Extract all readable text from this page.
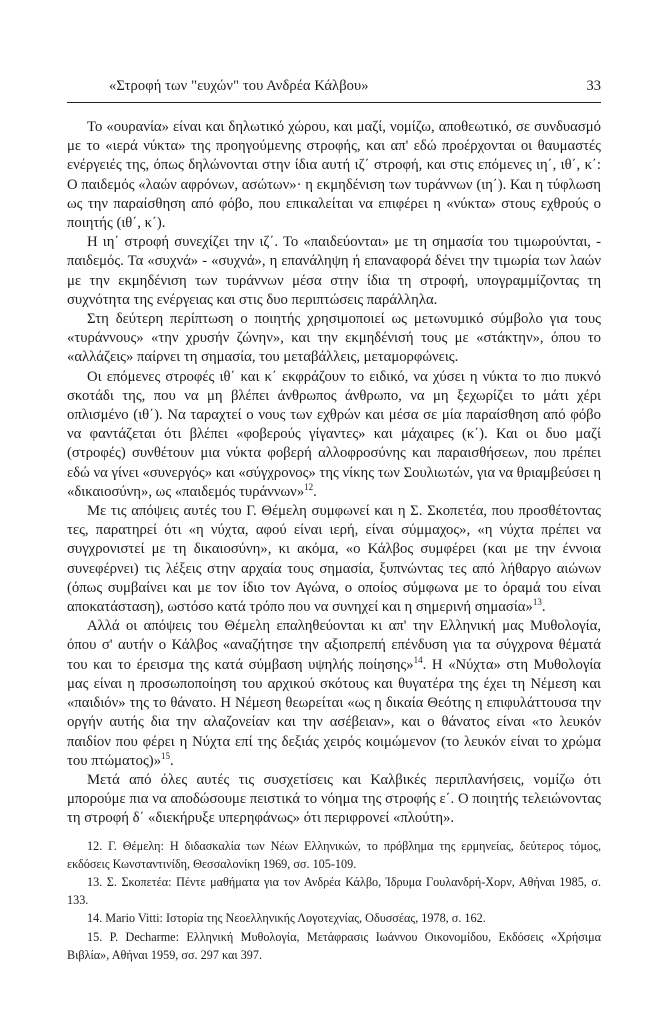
«Στροφή των "ευχών" του Ανδρέα Κάλβου»	33

Το «ουρανία» είναι και δηλωτικό χώρου, και μαζί, νομίζω, αποθεωτικό, σε συνδυασμό με το «ιερά νύκτα» της προηγούμενης στροφής, και απ' εδώ προέρχονται οι θαυμαστές ενέργειές της, όπως δηλώνονται στην ίδια αυτή ιζ΄ στροφή, και στις επόμενες ιη΄, ιθ΄, κ΄: Ο παιδεμός «λαών αφρόνων, ασώτων»· η εκμηδένιση των τυράννων (ιη΄). Και η τύφλωση ως την παραίσθηση από φόβο, που επικαλείται να επιφέρει η «νύκτα» στους εχθρούς ο ποιητής (ιθ΄, κ΄).

Η ιη΄ στροφή συνεχίζει την ιζ΄. Το «παιδεύονται» με τη σημασία του τιμωρούνται, - παιδεμός. Τα «συχνά» - «συχνά», η επανάληψη ή επαναφορά δένει την τιμωρία των λαών με την εκμηδένιση των τυράννων μέσα στην ίδια τη στροφή, υπογραμμίζοντας τη συχνότητα της ενέργειας και στις δυο περιπτώσεις παράλληλα.

Στη δεύτερη περίπτωση ο ποιητής χρησιμοποιεί ως μετωνυμικό σύμβολο για τους «τυράννους» «την χρυσήν ζώνην», και την εκμηδένισή τους με «στάκτην», όπου το «αλλάζεις» παίρνει τη σημασία, του μεταβάλλεις, μεταμορφώνεις.

Οι επόμενες στροφές ιθ΄ και κ΄ εκφράζουν το ειδικό, να χύσει η νύκτα το πιο πυκνό σκοτάδι της, που να μη βλέπει άνθρωπος άνθρωπο, να μη ξεχωρίζει το μάτι χέρι οπλισμένο (ιθ΄). Να ταραχτεί ο νους των εχθρών και μέσα σε μία παραίσθηση από φόβο να φαντάζεται ότι βλέπει «φοβερούς γίγαντες» και μάχαιρες (κ΄). Και οι δυο μαζί (στροφές) συνθέτουν μια νύκτα φοβερή αλλοφροσύνης και παραισθήσεων, που πρέπει εδώ να γίνει «συνεργός» και «σύγχρονος» της νίκης των Σουλιωτών, για να θριαμβεύσει η «δικαιοσύνη», ως «παιδεμός τυράννων»$^{12}$.

Με τις απόψεις αυτές του Γ. Θέμελη συμφωνεί και η Σ. Σκοπετέα, που προσθέτοντας τες, παρατηρεί ότι «η νύχτα, αφού είναι ιερή, είναι σύμμαχος», «η νύχτα πρέπει να συγχρονιστεί με τη δικαιοσύνη», κι ακόμα, «ο Κάλβος συμφέρει (και με την έννοια συνεφέρνει) τις λέξεις στην αρχαία τους σημασία, ξυπνώντας τες από λήθαργο αιώνων (όπως συμβαίνει και με τον ίδιο τον Αγώνα, ο οποίος σύμφωνα με το όραμά του είναι αποκατάσταση), ωστόσο κατά τρόπο που να συνηχεί και η σημερινή σημασία»$^{13}$.

Αλλά οι απόψεις του Θέμελη επαληθεύονται κι απ' την Ελληνική μας Μυθολογία, όπου σ' αυτήν ο Κάλβος «αναζήτησε την αξιοπρεπή επένδυση για τα σύγχρονα θέματά του και το έρεισμα της κατά σύμβαση υψηλής ποίησης»$^{14}$. Η «Νύχτα» στη Μυθολογία μας είναι η προσωποποίηση του αρχικού σκότους και θυγατέρα της έχει τη Νέμεση και «παιδιόν» της το θάνατο. Η Νέμεση θεωρείται «ως η δικαία Θεότης η επιφυλάττουσα την οργήν αυτής δια την αλαζονείαν και την ασέβειαν», και ο θάνατος είναι «το λευκόν παιδίον που φέρει η Νύχτα επί της δεξιάς χειρός κοιμώμενον (το λευκόν είναι το χρώμα του πτώματος)»$^{15}$.

Μετά από όλες αυτές τις συσχετίσεις και Καλβικές περιπλανήσεις, νομίζω ότι μπορούμε πια να αποδώσουμε πειστικά το νόημα της στροφής ε΄. Ο ποιητής τελειώνοντας τη στροφή δ΄ «διεκήρυξε υπερηφάνως» ότι περιφρονεί «πλούτη».

12. Γ. Θέμελη: Η διδασκαλία των Νέων Ελληνικών, το πρόβλημα της ερμηνείας, δεύτερος τόμος, εκδόσεις Κωνσταντινίδη, Θεσσαλονίκη 1969, σσ. 105-109.

13. Σ. Σκοπετέα: Πέντε μαθήματα για τον Ανδρέα Κάλβο, Ίδρυμα Γουλανδρή-Χορν, Αθήναι 1985, σ. 133.

14. Mario Vitti: Ιστορία της Νεοελληνικής Λογοτεχνίας, Οδυσσέας, 1978, σ. 162.

15. Ρ. Decharme: Ελληνική Μυθολογία, Μετάφρασις Ιωάννου Οικονομίδου, Εκδόσεις «Χρήσιμα Βιβλία», Αθήναι 1959, σσ. 297 και 397.
